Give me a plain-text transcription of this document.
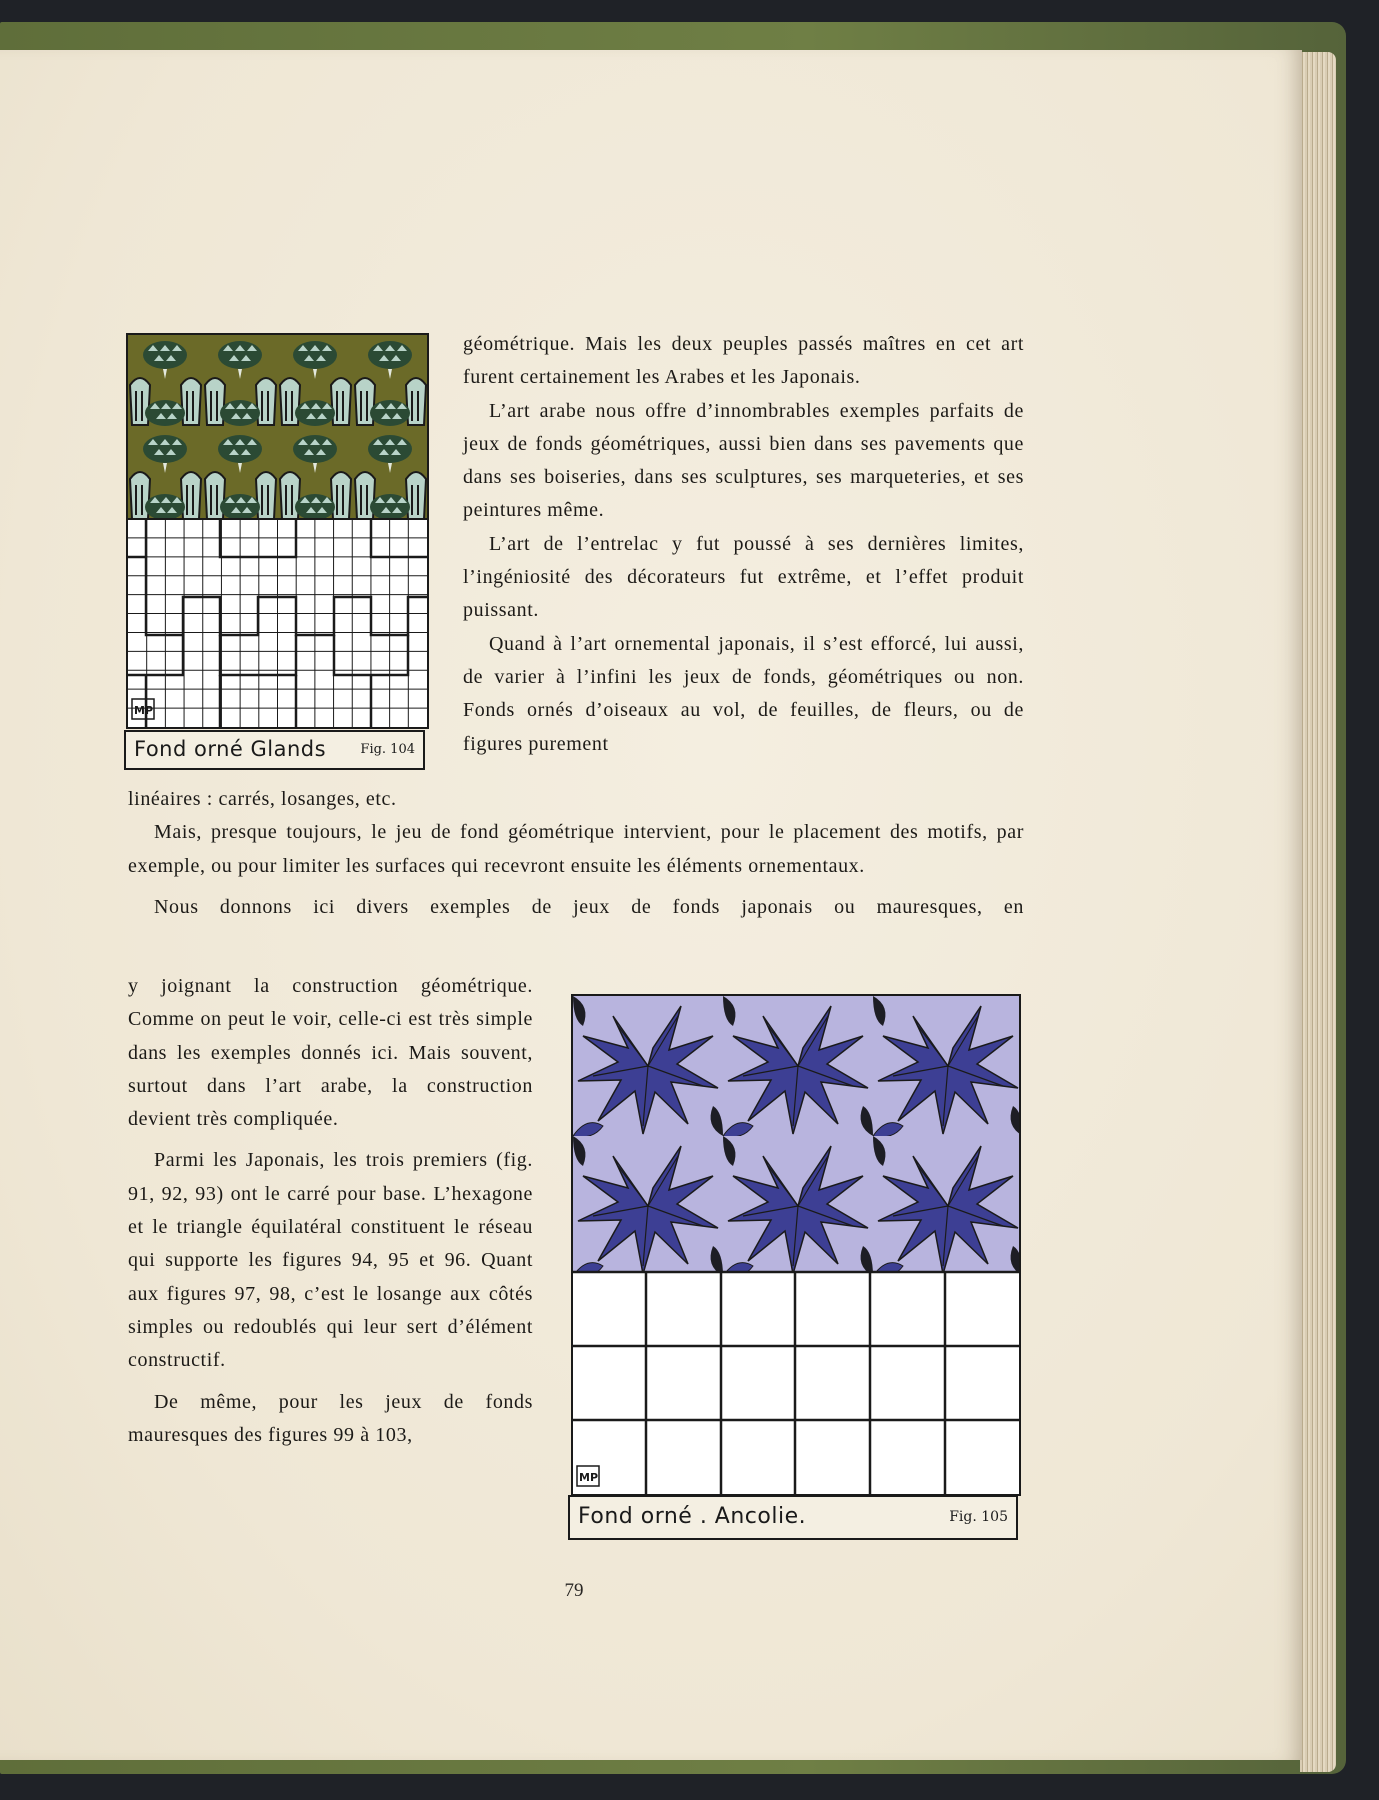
MP
Fond orné Glands	Fig. 104

géométrique. Mais les deux peuples passés maîtres en cet art furent certainement les Arabes et les Japonais.

L’art arabe nous offre d’innombrables exemples parfaits de jeux de fonds géométriques, aussi bien dans ses pavements que dans ses boiseries, dans ses sculptures, ses marqueteries, et ses peintures même.

L’art de l’entrelac y fut poussé à ses dernières limites, l’ingéniosité des décorateurs fut extrême, et l’effet produit puissant.

Quand à l’art ornemental japonais, il s’est efforcé, lui aussi, de varier à l’infini les jeux de fonds, géométriques ou non. Fonds ornés d’oiseaux au vol, de feuilles, de fleurs, ou de figures purement

linéaires : carrés, losanges, etc.

Mais, presque toujours, le jeu de fond géométrique intervient, pour le placement des motifs, par exemple, ou pour limiter les surfaces qui recevront ensuite les éléments ornementaux.

Nous donnons ici divers exemples de jeux de fonds japonais ou mauresques, en

y joignant la construction géométrique. Comme on peut le voir, celle-ci est très simple dans les exemples donnés ici. Mais souvent, surtout dans l’art arabe, la construction devient très compliquée.

Parmi les Japonais, les trois premiers (fig. 91, 92, 93) ont le carré pour base. L’hexagone et le triangle équilatéral constituent le réseau qui supporte les figures 94, 95 et 96. Quant aux figures 97, 98, c’est le losange aux côtés simples ou redoublés qui leur sert d’élément constructif.

De même, pour les jeux de fonds mauresques des figures 99 à 103,

MP
Fond orné . Ancolie.	Fig. 105
79
